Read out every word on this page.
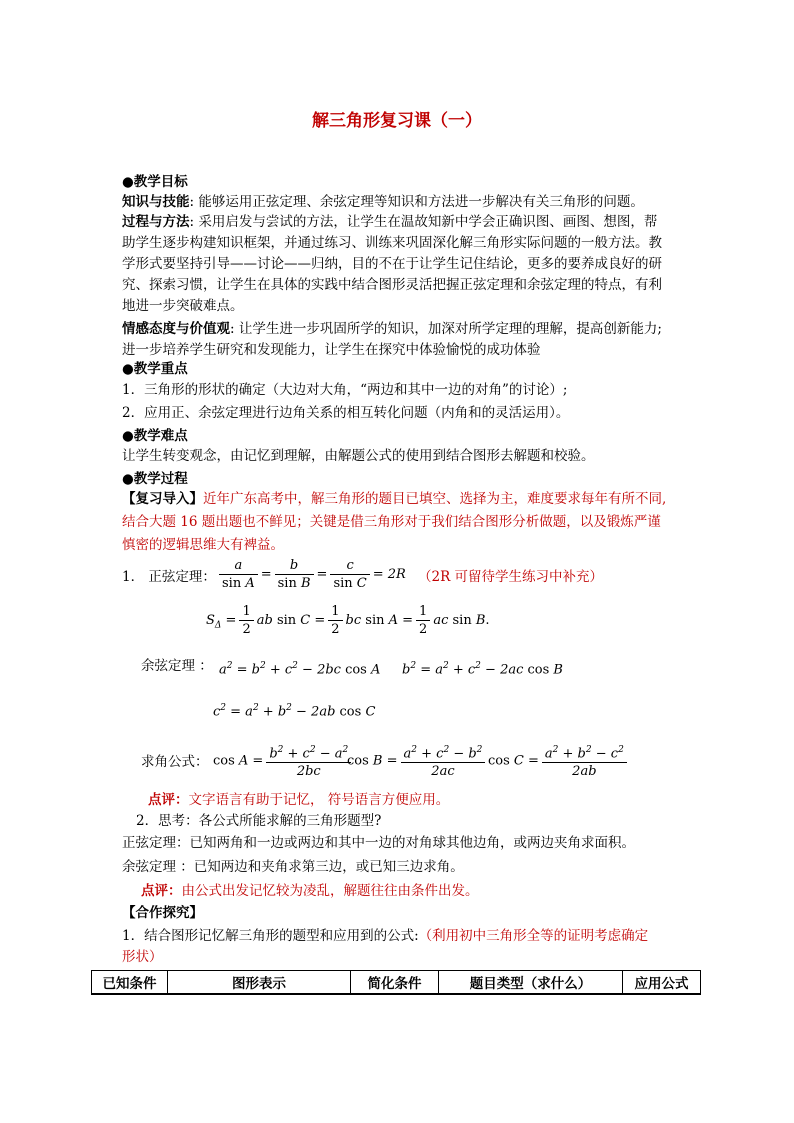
解三角形复习课（一）
●教学目标
知识与技能: 能够运用正弦定理、余弦定理等知识和方法进一步解决有关三角形的问题。
过程与方法: 采用启发与尝试的方法，让学生在温故知新中学会正确识图、画图、想图，帮
助学生逐步构建知识框架，并通过练习、训练来巩固深化解三角形实际问题的一般方法。教
学形式要坚持引导——讨论——归纳，目的不在于让学生记住结论，更多的要养成良好的研
究、探索习惯，让学生在具体的实践中结合图形灵活把握正弦定理和余弦定理的特点，有利
地进一步突破难点。
情感态度与价值观: 让学生进一步巩固所学的知识，加深对所学定理的理解，提高创新能力;
进一步培养学生研究和发现能力，让学生在探究中体验愉悦的成功体验
●教学重点
1．三角形的形状的确定（大边对大角，“两边和其中一边的对角”的讨论）;
2．应用正、余弦定理进行边角关系的相互转化问题（内角和的灵活运用）。
●教学难点
让学生转变观念，由记忆到理解，由解题公式的使用到结合图形去解题和校验。
●教学过程
【复习导入】近年广东高考中，解三角形的题目已填空、选择为主，难度要求每年有所不同,
结合大题 16 题出题也不鲜见；关键是借三角形对于我们结合图形分析做题，以及锻炼严谨
慎密的逻辑思维大有裨益。
1． 正弦定理： $\frac{a}{\text{sin A}} = \frac{b}{\text{sin B}} = \frac{c}{\text{sin C}} = 2R$ （2R 可留待学生练习中补充）
$S_\Delta = \frac{1}{2}$ ab $\sin C = \frac{1}{2}$ bc $\sin A = \frac{1}{2}$ ac sin B.
余弦定理 ： $a^2 = b^2 + c^2 - 2bc$ cos A $b^2 = a^2 + c^2 - 2ac$ cos B
$c^2 = a^2 + b^2 - 2ab$ cos C
求角公式： $\cos A = \frac{b^2 + c^2 - a^2}{2bc}$
$\cos B = \frac{a^2 + c^2 - b^2}{2ac}$ $\cos C = \frac{a^2 + b^2 - c^2}{2ab}$
点评：文字语言有助于记忆， 符号语言方便应用。
2．思考：各公式所能求解的三角形题型?
正弦定理：已知两角和一边或两边和其中一边的对角球其他边角，或两边夹角求面积。
余弦定理 ：已知两边和夹角求第三边，或已知三边求角。
点评：由公式出发记忆较为凌乱，解题往往由条件出发。
【合作探究】
1．结合图形记忆解三角形的题型和应用到的公式:（利用初中三角形全等的证明考虑确定
形状）
已知条件	图形表示	简化条件	题目类型（求什么）	应用公式
